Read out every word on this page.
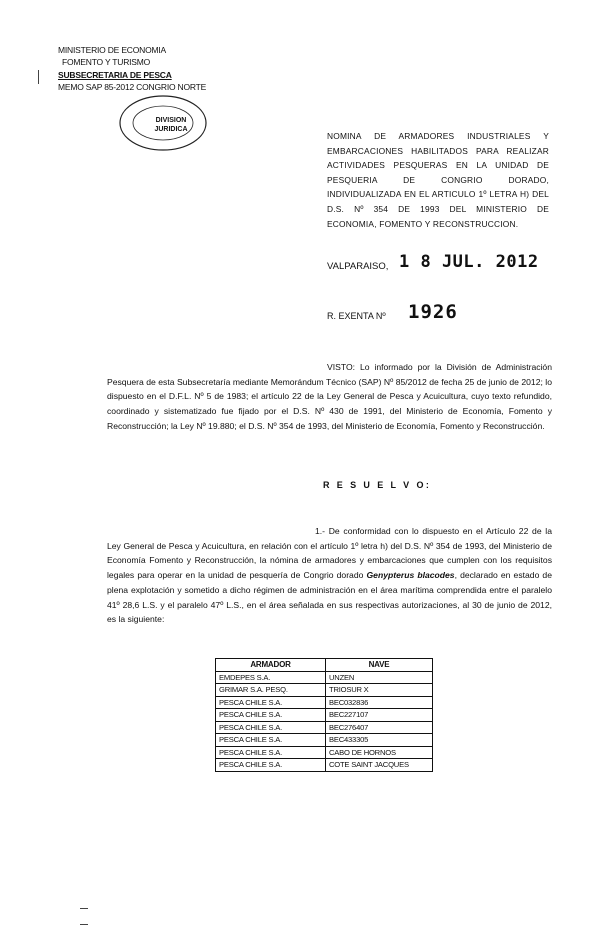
MINISTERIO DE ECONOMIA
FOMENTO Y TURISMO
SUBSECRETARIA DE PESCA
MEMO SAP 85-2012 CONGRIO NORTE
DIVISION
JURIDICA
NOMINA DE ARMADORES INDUSTRIALES Y
EMBARCACIONES HABILITADOS PARA REALIZAR
ACTIVIDADES PESQUERAS EN LA UNIDAD DE
PESQUERIA DE CONGRIO DORADO,
INDIVIDUALIZADA EN EL ARTICULO 1º LETRA H) DEL
D.S. Nº 354 DE 1993 DEL MINISTERIO DE
ECONOMIA, FOMENTO Y RECONSTRUCCION.
VALPARAISO, 1 8 JUL. 2012
R. EXENTA Nº 1926

VISTO: Lo informado por la División de Administración Pesquera de esta Subsecretaría mediante Memorándum Técnico (SAP) Nº 85/2012 de fecha 25 de junio de 2012; lo dispuesto en el D.F.L. Nº 5 de 1983; el artículo 22 de la Ley General de Pesca y Acuicultura, cuyo texto refundido, coordinado y sistematizado fue fijado por el D.S. Nº 430 de 1991, del Ministerio de Economía, Fomento y Reconstrucción; la Ley Nº 19.880; el D.S. Nº 354 de 1993, del Ministerio de Economía, Fomento y Reconstrucción.

R E S U E L V O:

1.- De conformidad con lo dispuesto en el Artículo 22 de la Ley General de Pesca y Acuicultura, en relación con el artículo 1º letra h) del D.S. Nº 354 de 1993, del Ministerio de Economía Fomento y Reconstrucción, la nómina de armadores y embarcaciones que cumplen con los requisitos legales para operar en la unidad de pesquería de Congrio dorado Genypterus blacodes, declarado en estado de plena explotación y sometido a dicho régimen de administración en el área marítima comprendida entre el paralelo 41º 28,6 L.S. y el paralelo 47º L.S., en el área señalada en sus respectivas autorizaciones, al 30 de junio de 2012, es la siguiente:

ARMADOR	NAVE
EMDEPES S.A.	UNZEN
GRIMAR S.A. PESQ.	TRIOSUR X
PESCA CHILE S.A.	BEC032836
PESCA CHILE S.A.	BEC227107
PESCA CHILE S.A.	BEC276407
PESCA CHILE S.A.	BEC433305
PESCA CHILE S.A.	CABO DE HORNOS
PESCA CHILE S.A.	COTE SAINT JACQUES
